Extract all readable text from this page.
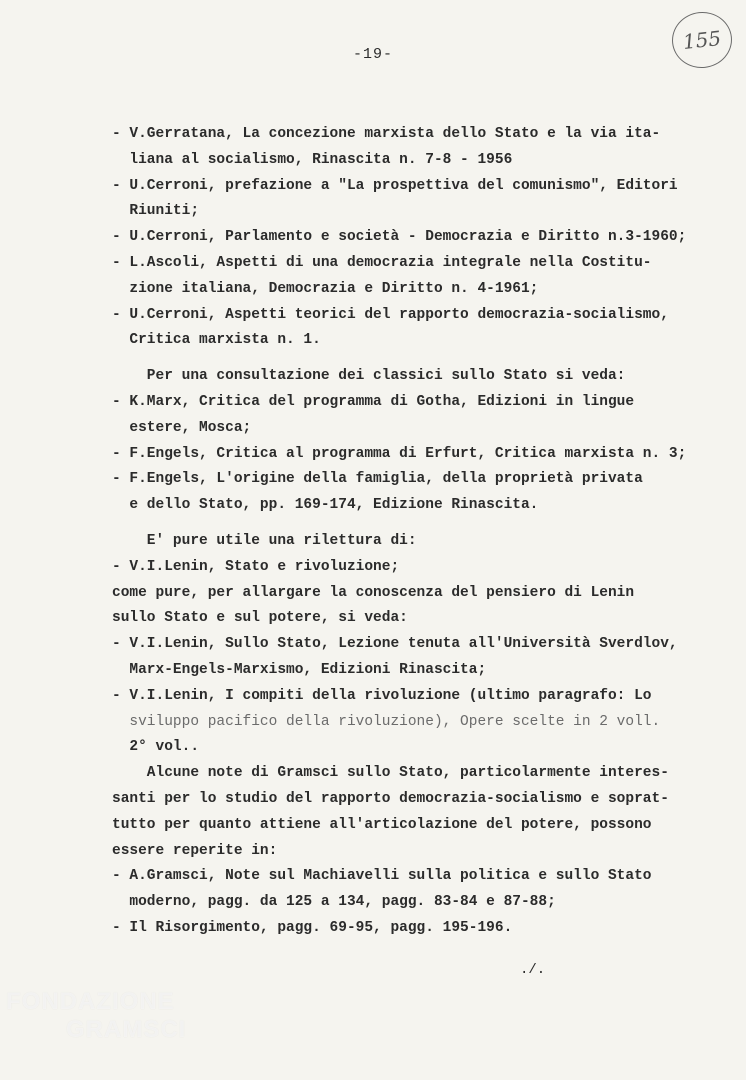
-19-
155
- V.Gerratana, La concezione marxista dello Stato e la via ita-
liana al socialismo, Rinascita n. 7-8 - 1956
- U.Cerroni, prefazione a "La prospettiva del comunismo", Editori
Riuniti;
- U.Cerroni, Parlamento e società - Democrazia e Diritto n.3-1960;
- L.Ascoli, Aspetti di una democrazia integrale nella Costitu-
zione italiana, Democrazia e Diritto n. 4-1961;
- U.Cerroni, Aspetti teorici del rapporto democrazia-socialismo,
Critica marxista n. 1.
Per una consultazione dei classici sullo Stato si veda:
- K.Marx, Critica del programma di Gotha, Edizioni in lingue
estere, Mosca;
- F.Engels, Critica al programma di Erfurt, Critica marxista n. 3;
- F.Engels, L'origine della famiglia, della proprietà privata
e dello Stato, pp. 169-174, Edizione Rinascita.
E' pure utile una rilettura di:
- V.I.Lenin, Stato e rivoluzione;
come pure, per allargare la conoscenza del pensiero di Lenin
sullo Stato e sul potere, si veda:
- V.I.Lenin, Sullo Stato, Lezione tenuta all'Università Sverdlov,
Marx-Engels-Marxismo, Edizioni Rinascita;
- V.I.Lenin, I compiti della rivoluzione (ultimo paragrafo: Lo
sviluppo pacifico della rivoluzione), Opere scelte in 2 voll.
2° vol..
Alcune note di Gramsci sullo Stato, particolarmente interes-
santi per lo studio del rapporto democrazia-socialismo e soprat-
tutto per quanto attiene all'articolazione del potere, possono
essere reperite in:
- A.Gramsci, Note sul Machiavelli sulla politica e sullo Stato
moderno, pagg. da 125 a 134, pagg. 83-84 e 87-88;
- Il Risorgimento, pagg. 69-95, pagg. 195-196.
./.
FONDAZIONE
GRAMSCI
